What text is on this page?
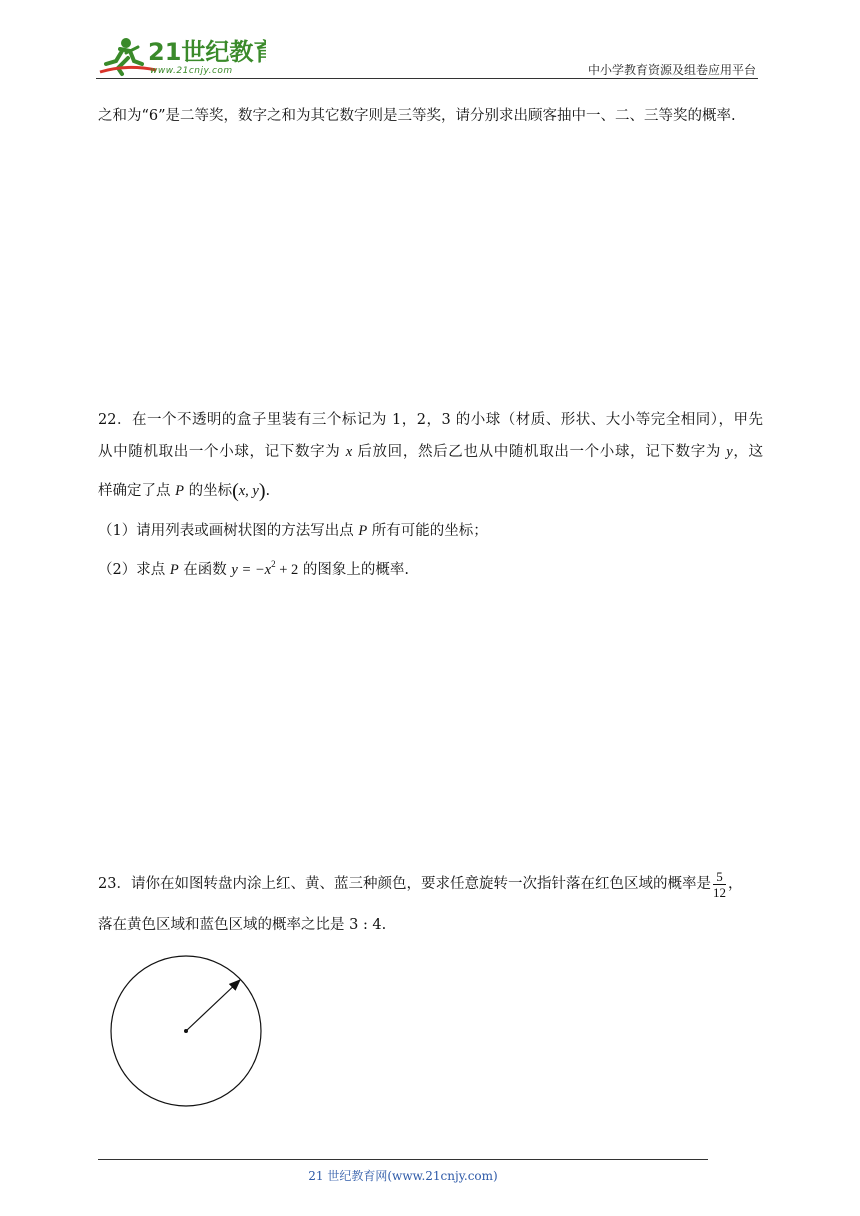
21世纪教育
www.21cnjy.com	中小学教育资源及组卷应用平台
之和为“6”是二等奖，数字之和为其它数字则是三等奖，请分别求出顾客抽中一、二、三等奖的概率.
22．在一个不透明的盒子里装有三个标记为 1，2，3 的小球（材质、形状、大小等完全相同），甲先
从中随机取出一个小球，记下数字为 x 后放回，然后乙也从中随机取出一个小球，记下数字为 y，这
样确定了点 P 的坐标(x, y).
（1）请用列表或画树状图的方法写出点 P 所有可能的坐标；
（2）求点 P 在函数 $y = -x^2 + 2$ 的图象上的概率.
23．请你在如图转盘内涂上红、黄、蓝三种颜色，要求任意旋转一次指针落在红色区域的概率是 $\frac{5}{12}$ ，
落在黄色区域和蓝色区域的概率之比是 3 : 4.
21 世纪教育网(www.21cnjy.com)
